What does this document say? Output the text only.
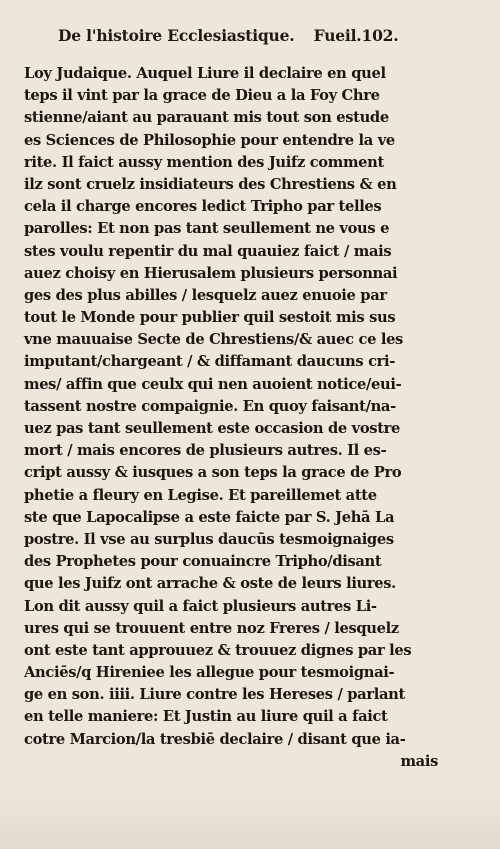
De l'histoire Ecclesiastique. Fueil.102.
Loy Judaique. Auquel Liure il declaire en quel
teps il vint par la grace de Dieu a la Foy Chre
stienne/aiant au parauant mis tout son estude
es Sciences de Philosophie pour entendre la ve
rite. Il faict aussy mention des Juifz comment
ilz sont cruelz insidiateurs des Chrestiens & en
cela il charge encores ledict Tripho par telles
parolles: Et non pas tant seullement ne vous e
stes voulu repentir du mal quauiez faict / mais
auez choisy en Hierusalem plusieurs personnai
ges des plus abilles / lesquelz auez enuoie par
tout le Monde pour publier quil sestoit mis sus
vne mauuaise Secte de Chrestiens/& auec ce les
imputant/chargeant / & diffamant daucuns cri-
mes/ affin que ceulx qui nen auoient notice/eui-
tassent nostre compaignie. En quoy faisant/na-
uez pas tant seullement este occasion de vostre
mort / mais encores de plusieurs autres. Il es-
cript aussy & iusques a son teps la grace de Pro
phetie a fleury en Legise. Et pareillemet atte
ste que Lapocalipse a este faicte par S. Jehā La
postre. Il vse au surplus daucūs tesmoignaiges
des Prophetes pour conuaincre Tripho/disant
que les Juifz ont arrache & oste de leurs liures.
Lon dit aussy quil a faict plusieurs autres Li-
ures qui se trouuent entre noz Freres / lesquelz
ont este tant approuuez & trouuez dignes par les
Anciēs/q Hireniee les allegue pour tesmoignai-
ge en son. iiii. Liure contre les Hereses / parlant
en telle maniere: Et Justin au liure quil a faict
cotre Marcion/la tresbiē declaire / disant que ia-
mais
